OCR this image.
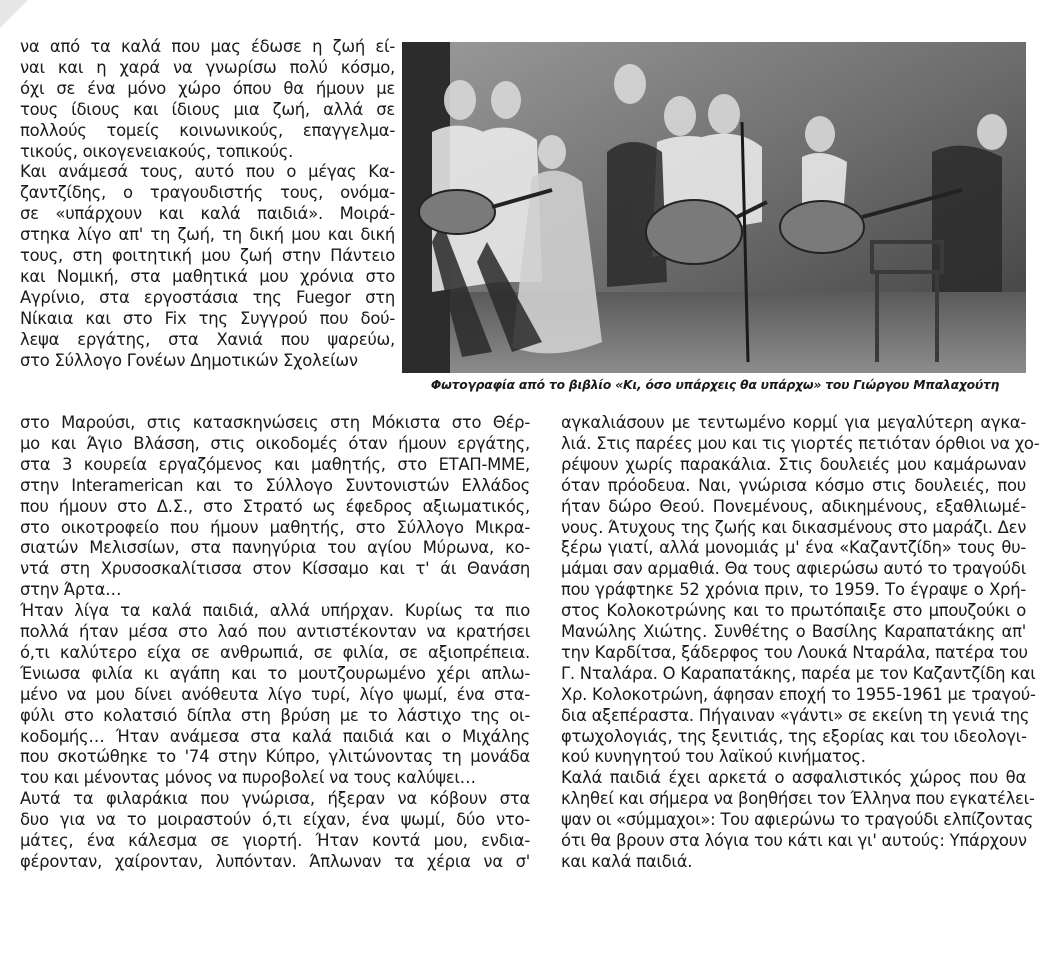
να από τα καλά που μας έδωσε η ζωή εί-

ναι και η χαρά να γνωρίσω πολύ κόσμο,

όχι σε ένα μόνο χώρο όπου θα ήμουν με

τους ίδιους και ίδιους μια ζωή, αλλά σε

πολλούς τομείς κοινωνικούς, επαγγελμα-

τικούς, οικογενειακούς, τοπικούς.

Και ανάμεσά τους, αυτό που ο μέγας Κα-

ζαντζίδης, ο τραγουδιστής τους, ονόμα-

σε «υπάρχουν και καλά παιδιά». Μοιρά-

στηκα λίγο απ' τη ζωή, τη δική μου και δική

τους, στη φοιτητική μου ζωή στην Πάντειο

και Νομική, στα μαθητικά μου χρόνια στο

Αγρίνιο, στα εργοστάσια της Fuegor στη

Νίκαια και στο Fix της Συγγρού που δού-

λεψα εργάτης, στα Χανιά που ψαρεύω,

στο Σύλλογο Γονέων Δημοτικών Σχολείων

στο Μαρούσι, στις κατασκηνώσεις στη Μόκιστα στο Θέρ-

μο και Άγιο Βλάσση, στις οικοδομές όταν ήμουν εργάτης,

στα 3 κουρεία εργαζόμενος και μαθητής, στο ΕΤΑΠ-ΜΜΕ,

στην Interamerican και το Σύλλογο Συντονιστών Ελλάδος

που ήμουν στο Δ.Σ., στο Στρατό ως έφεδρος αξιωματικός,

στο οικοτροφείο που ήμουν μαθητής, στο Σύλλογο Μικρα-

σιατών Μελισσίων, στα πανηγύρια του αγίου Μύρωνα, κο-

ντά στη Χρυσοσκαλίτισσα στον Κίσσαμο και τ' άι Θανάση

στην Άρτα…

Ήταν λίγα τα καλά παιδιά, αλλά υπήρχαν. Κυρίως τα πιο

πολλά ήταν μέσα στο λαό που αντιστέκονταν να κρατήσει

ό,τι καλύτερο είχα σε ανθρωπιά, σε φιλία, σε αξιοπρέπεια.

Ένιωσα φιλία κι αγάπη και το μουτζουρωμένο χέρι απλω-

μένο να μου δίνει ανόθευτα λίγο τυρί, λίγο ψωμί, ένα στα-

φύλι στο κολατσιό δίπλα στη βρύση με το λάστιχο της οι-

κοδομής… Ήταν ανάμεσα στα καλά παιδιά και ο Μιχάλης

που σκοτώθηκε το '74 στην Κύπρο, γλιτώνοντας τη μονάδα

του και μένοντας μόνος να πυροβολεί να τους καλύψει…

Αυτά τα φιλαράκια που γνώρισα, ήξεραν να κόβουν στα

δυο για να το μοιραστούν ό,τι είχαν, ένα ψωμί, δύο ντο-

μάτες, ένα κάλεσμα σε γιορτή. Ήταν κοντά μου, ενδια-

φέρονταν, χαίρονταν, λυπόνταν. Άπλωναν τα χέρια να σ'

αγκαλιάσουν με τεντωμένο κορμί για μεγαλύτερη αγκα-

λιά. Στις παρέες μου και τις γιορτές πετιόταν όρθιοι να χο-

ρέψουν χωρίς παρακάλια. Στις δουλειές μου καμάρωναν

όταν πρόοδευα. Ναι, γνώρισα κόσμο στις δουλειές, που

ήταν δώρο Θεού. Πονεμένους, αδικημένους, εξαθλιωμέ-

νους. Άτυχους της ζωής και δικασμένους στο μαράζι. Δεν

ξέρω γιατί, αλλά μονομιάς μ' ένα «Καζαντζίδη» τους θυ-

μάμαι σαν αρμαθιά. Θα τους αφιερώσω αυτό το τραγούδι

που γράφτηκε 52 χρόνια πριν, το 1959. Το έγραψε ο Χρή-

στος Κολοκοτρώνης και το πρωτόπαιξε στο μπουζούκι ο

Μανώλης Χιώτης. Συνθέτης ο Βασίλης Καραπατάκης απ'

την Καρδίτσα, ξάδερφος του Λουκά Νταράλα, πατέρα του

Γ. Νταλάρα. Ο Καραπατάκης, παρέα με τον Καζαντζίδη και

Χρ. Κολοκοτρώνη, άφησαν εποχή το 1955-1961 με τραγού-

δια αξεπέραστα. Πήγαιναν «γάντι» σε εκείνη τη γενιά της

φτωχολογιάς, της ξενιτιάς, της εξορίας και του ιδεολογι-

κού κυνηγητού του λαϊκού κινήματος.

Καλά παιδιά έχει αρκετά ο ασφαλιστικός χώρος που θα

κληθεί και σήμερα να βοηθήσει τον Έλληνα που εγκατέλει-

ψαν οι «σύμμαχοι»: Του αφιερώνω το τραγούδι ελπίζοντας

ότι θα βρουν στα λόγια του κάτι και γι' αυτούς: Υπάρχουν

και καλά παιδιά.

Φωτογραφία από το βιβλίο «Κι, όσο υπάρχεις θα υπάρχω» του Γιώργου Μπαλαχούτη
